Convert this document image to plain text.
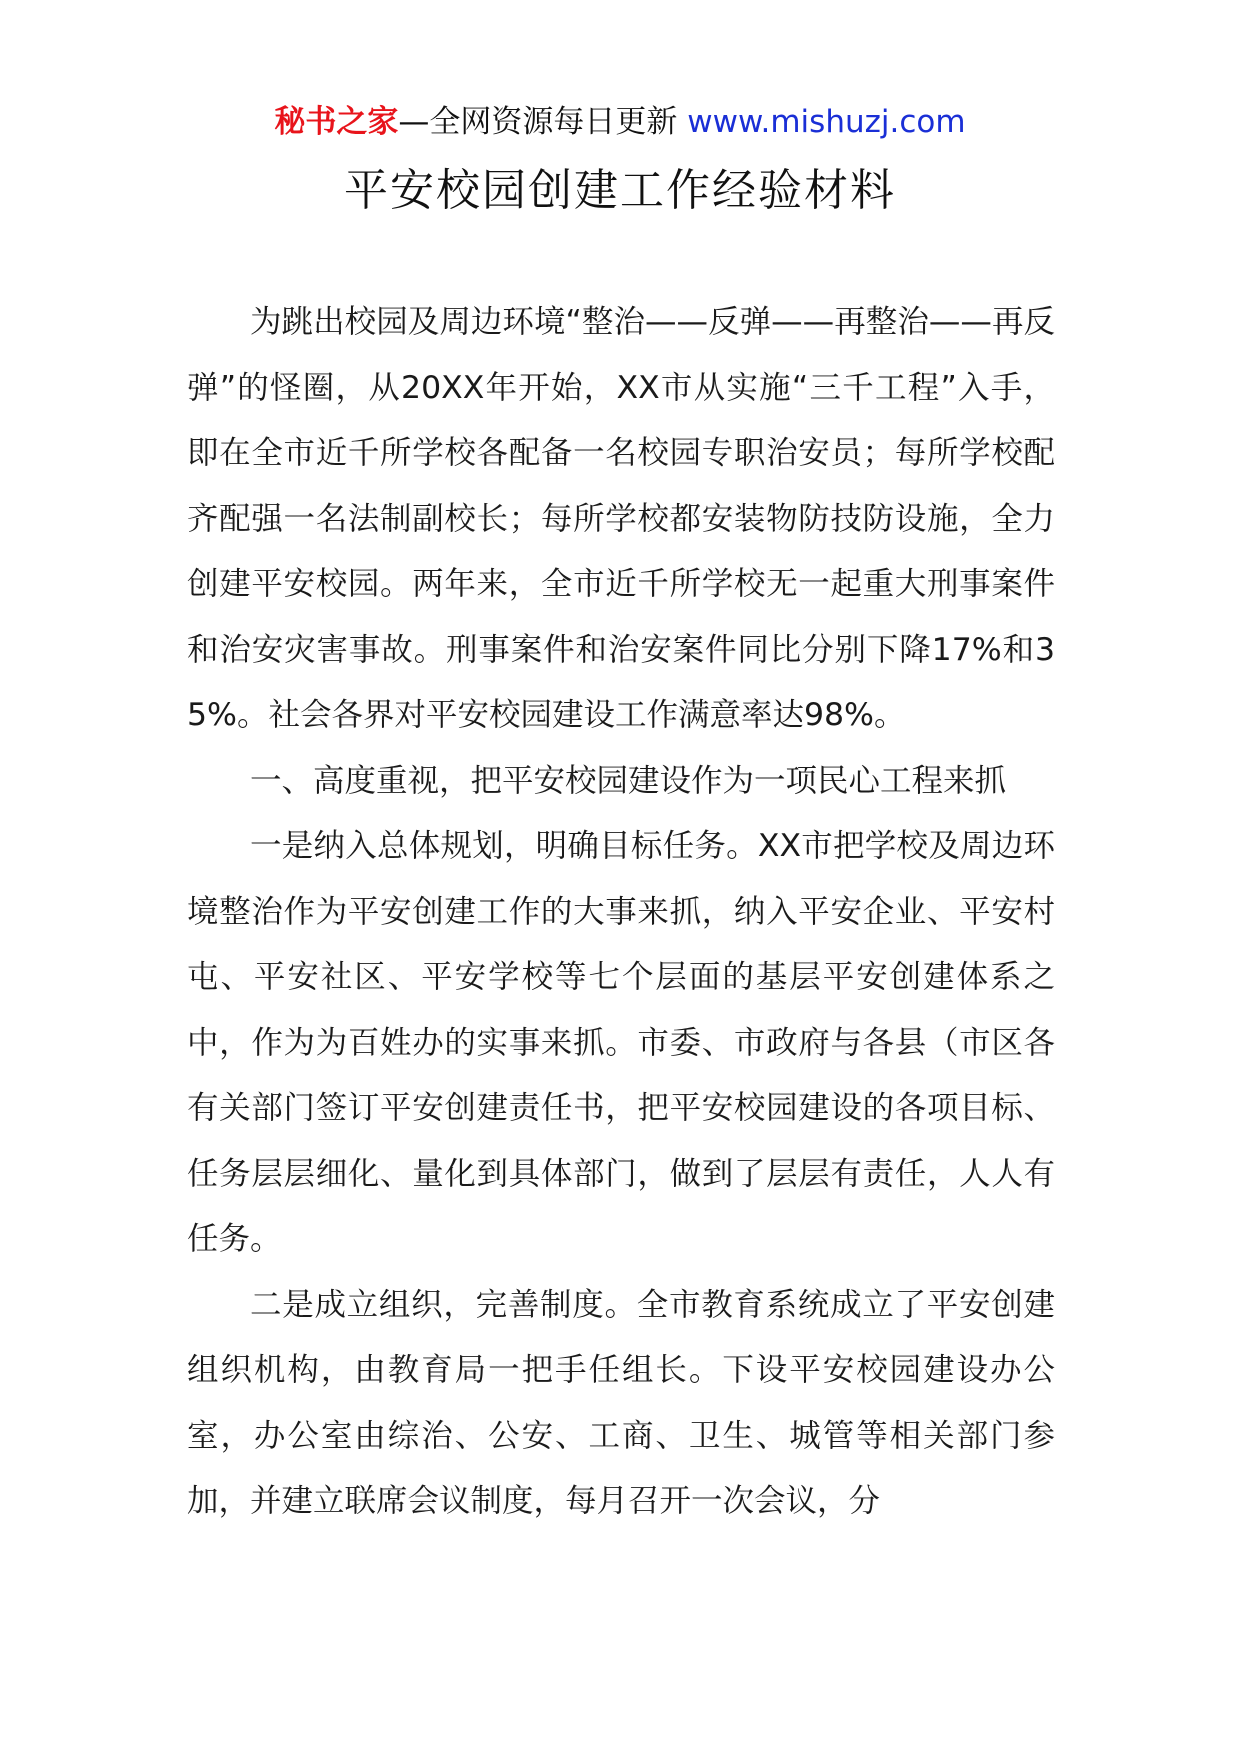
秘书之家—全网资源每日更新 www.mishuzj.com
平安校园创建工作经验材料

为跳出校园及周边环境“整治——反弹——再整治——再反弹”的怪圈，从20XX年开始，XX市从实施“三千工程”入手，即在全市近千所学校各配备一名校园专职治安员；每所学校配齐配强一名法制副校长；每所学校都安装物防技防设施，全力创建平安校园。两年来，全市近千所学校无一起重大刑事案件和治安灾害事故。刑事案件和治安案件同比分别下降17%和35%。社会各界对平安校园建设工作满意率达98%。

一、高度重视，把平安校园建设作为一项民心工程来抓

一是纳入总体规划，明确目标任务。XX市把学校及周边环境整治作为平安创建工作的大事来抓，纳入平安企业、平安村屯、平安社区、平安学校等七个层面的基层平安创建体系之中，作为为百姓办的实事来抓。市委、市政府与各县（市区各有关部门签订平安创建责任书，把平安校园建设的各项目标、任务层层细化、量化到具体部门，做到了层层有责任，人人有任务。

二是成立组织，完善制度。全市教育系统成立了平安创建组织机构，由教育局一把手任组长。下设平安校园建设办公室，办公室由综治、公安、工商、卫生、城管等相关部门参加，并建立联席会议制度，每月召开一次会议，分
